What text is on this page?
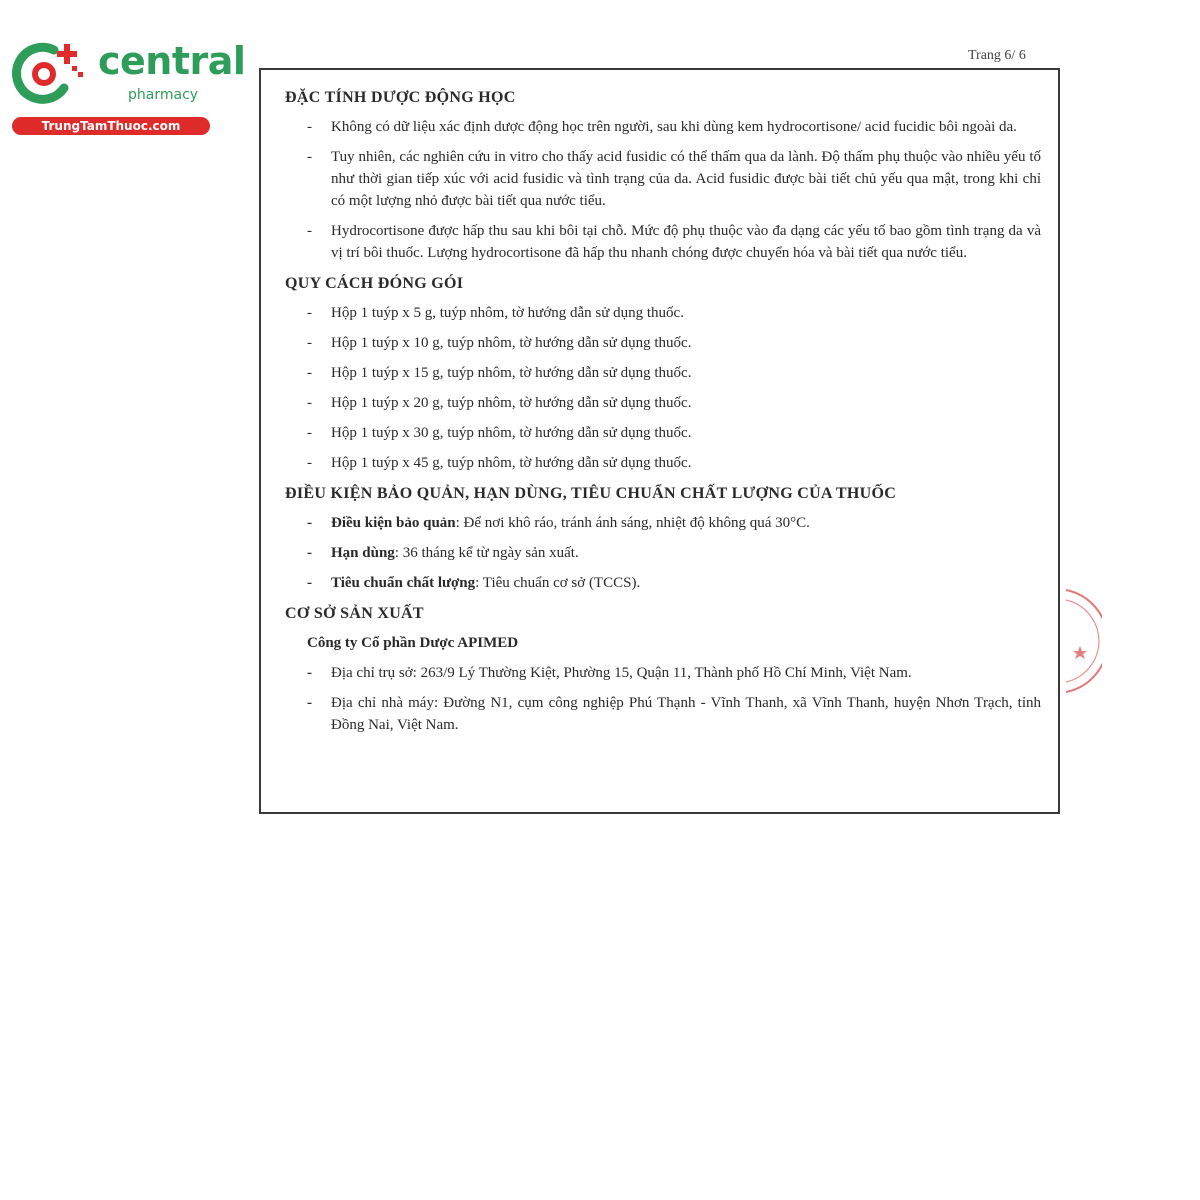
central
pharmacy
TrungTamThuoc.com
Trang 6/ 6
ĐẶC TÍNH DƯỢC ĐỘNG HỌC
- Không có dữ liệu xác định dược động học trên người, sau khi dùng kem hydrocortisone/ acid fucidic bôi ngoài da.
- Tuy nhiên, các nghiên cứu in vitro cho thấy acid fusidic có thể thấm qua da lành. Độ thấm phụ thuộc vào nhiều yếu tố như thời gian tiếp xúc với acid fusidic và tình trạng của da. Acid fusidic được bài tiết chủ yếu qua mật, trong khi chỉ có một lượng nhỏ được bài tiết qua nước tiểu.
- Hydrocortisone được hấp thu sau khi bôi tại chỗ. Mức độ phụ thuộc vào đa dạng các yếu tố bao gồm tình trạng da và vị trí bôi thuốc. Lượng hydrocortisone đã hấp thu nhanh chóng được chuyển hóa và bài tiết qua nước tiểu.
QUY CÁCH ĐÓNG GÓI
- Hộp 1 tuýp x 5 g, tuýp nhôm, tờ hướng dẫn sử dụng thuốc.
- Hộp 1 tuýp x 10 g, tuýp nhôm, tờ hướng dẫn sử dụng thuốc.
- Hộp 1 tuýp x 15 g, tuýp nhôm, tờ hướng dẫn sử dụng thuốc.
- Hộp 1 tuýp x 20 g, tuýp nhôm, tờ hướng dẫn sử dụng thuốc.
- Hộp 1 tuýp x 30 g, tuýp nhôm, tờ hướng dẫn sử dụng thuốc.
- Hộp 1 tuýp x 45 g, tuýp nhôm, tờ hướng dẫn sử dụng thuốc.
ĐIỀU KIỆN BẢO QUẢN, HẠN DÙNG, TIÊU CHUẨN CHẤT LƯỢNG CỦA THUỐC
- Điều kiện bảo quản: Để nơi khô ráo, tránh ánh sáng, nhiệt độ không quá 30°C.
- Hạn dùng: 36 tháng kể từ ngày sản xuất.
- Tiêu chuẩn chất lượng: Tiêu chuẩn cơ sở (TCCS).
CƠ SỞ SẢN XUẤT
Công ty Cổ phần Dược APIMED
- Địa chỉ trụ sở: 263/9 Lý Thường Kiệt, Phường 15, Quận 11, Thành phố Hồ Chí Minh, Việt Nam.
- Địa chỉ nhà máy: Đường N1, cụm công nghiệp Phú Thạnh - Vĩnh Thanh, xã Vĩnh Thanh, huyện Nhơn Trạch, tỉnh Đồng Nai, Việt Nam.
